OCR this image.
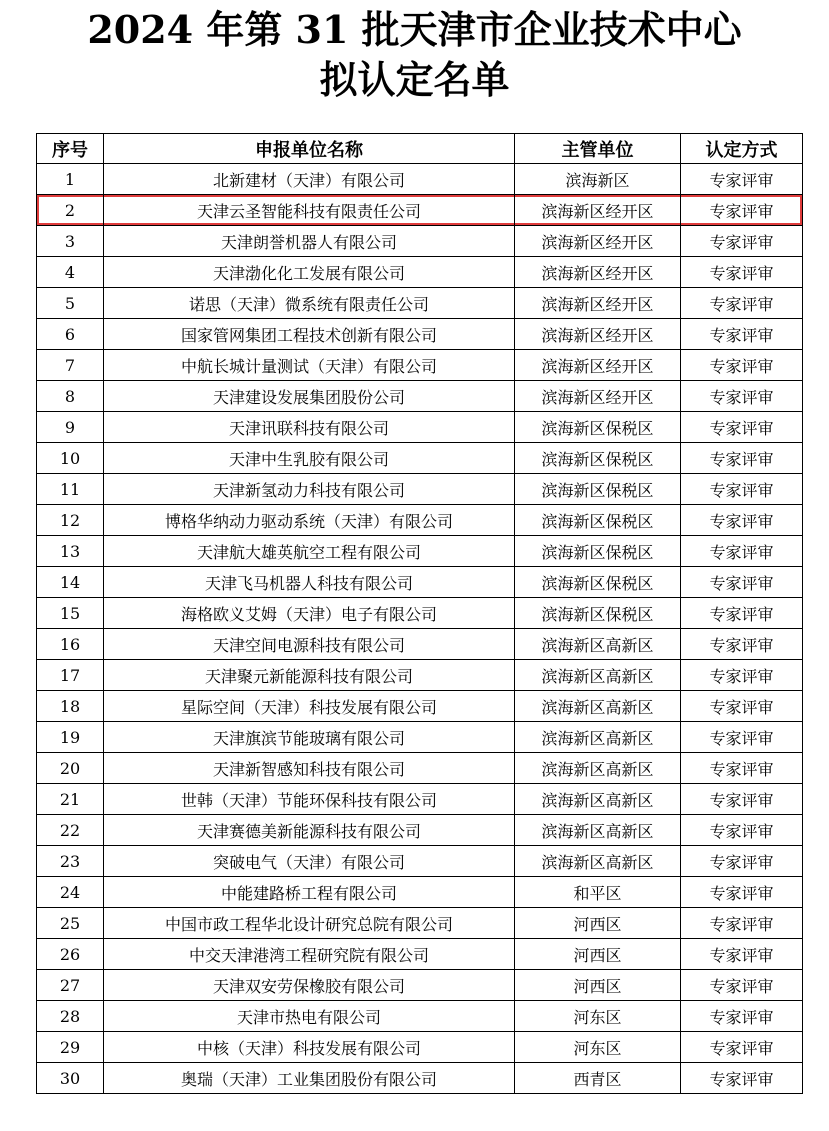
2024 年第 31 批天津市企业技术中心
拟认定名单
序号	申报单位名称	主管单位	认定方式
1	北新建材（天津）有限公司	滨海新区	专家评审
2	天津云圣智能科技有限责任公司	滨海新区经开区	专家评审
3	天津朗誉机器人有限公司	滨海新区经开区	专家评审
4	天津渤化化工发展有限公司	滨海新区经开区	专家评审
5	诺思（天津）微系统有限责任公司	滨海新区经开区	专家评审
6	国家管网集团工程技术创新有限公司	滨海新区经开区	专家评审
7	中航长城计量测试（天津）有限公司	滨海新区经开区	专家评审
8	天津建设发展集团股份公司	滨海新区经开区	专家评审
9	天津讯联科技有限公司	滨海新区保税区	专家评审
10	天津中生乳胶有限公司	滨海新区保税区	专家评审
11	天津新氢动力科技有限公司	滨海新区保税区	专家评审
12	博格华纳动力驱动系统（天津）有限公司	滨海新区保税区	专家评审
13	天津航大雄英航空工程有限公司	滨海新区保税区	专家评审
14	天津飞马机器人科技有限公司	滨海新区保税区	专家评审
15	海格欧义艾姆（天津）电子有限公司	滨海新区保税区	专家评审
16	天津空间电源科技有限公司	滨海新区高新区	专家评审
17	天津聚元新能源科技有限公司	滨海新区高新区	专家评审
18	星际空间（天津）科技发展有限公司	滨海新区高新区	专家评审
19	天津旗滨节能玻璃有限公司	滨海新区高新区	专家评审
20	天津新智感知科技有限公司	滨海新区高新区	专家评审
21	世韩（天津）节能环保科技有限公司	滨海新区高新区	专家评审
22	天津赛德美新能源科技有限公司	滨海新区高新区	专家评审
23	突破电气（天津）有限公司	滨海新区高新区	专家评审
24	中能建路桥工程有限公司	和平区	专家评审
25	中国市政工程华北设计研究总院有限公司	河西区	专家评审
26	中交天津港湾工程研究院有限公司	河西区	专家评审
27	天津双安劳保橡胶有限公司	河西区	专家评审
28	天津市热电有限公司	河东区	专家评审
29	中核（天津）科技发展有限公司	河东区	专家评审
30	奥瑞（天津）工业集团股份有限公司	西青区	专家评审
